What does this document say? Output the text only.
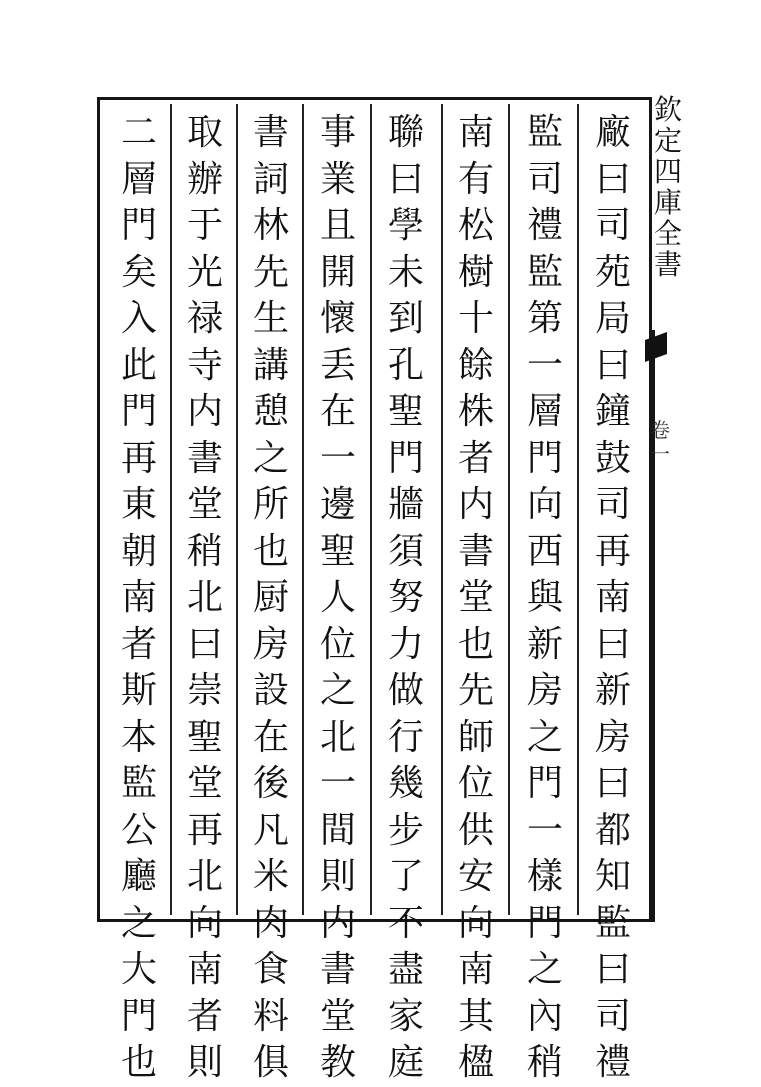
欽
定
四
庫
全
書
卷
一
廠
曰
司
苑
局
曰
鐘
鼓
司
再
南
曰
新
房
曰
都
知
監
曰
司
禮
監
司
禮
監
第
一
層
門
向
西
與
新
房
之
門
一
樣
門
之
內
稍
南
有
松
樹
十
餘
株
者
内
書
堂
也
先
師
位
供
安
向
南
其
楹
聯
曰
學
未
到
孔
聖
門
牆
須
努
力
做
行
幾
步
了
不
盡
家
庭
事
業
且
開
懷
丢
在
一
邊
聖
人
位
之
北
一
間
則
内
書
堂
教
書
詞
林
先
生
講
憩
之
所
也
厨
房
設
在
後
凡
米
肉
食
料
俱
取
辦
于
光
禄
寺
内
書
堂
稍
北
曰
崇
聖
堂
再
北
向
南
者
則
二
層
門
矣
入
此
門
再
東
朝
南
者
斯
本
監
公
廳
之
大
門
也
